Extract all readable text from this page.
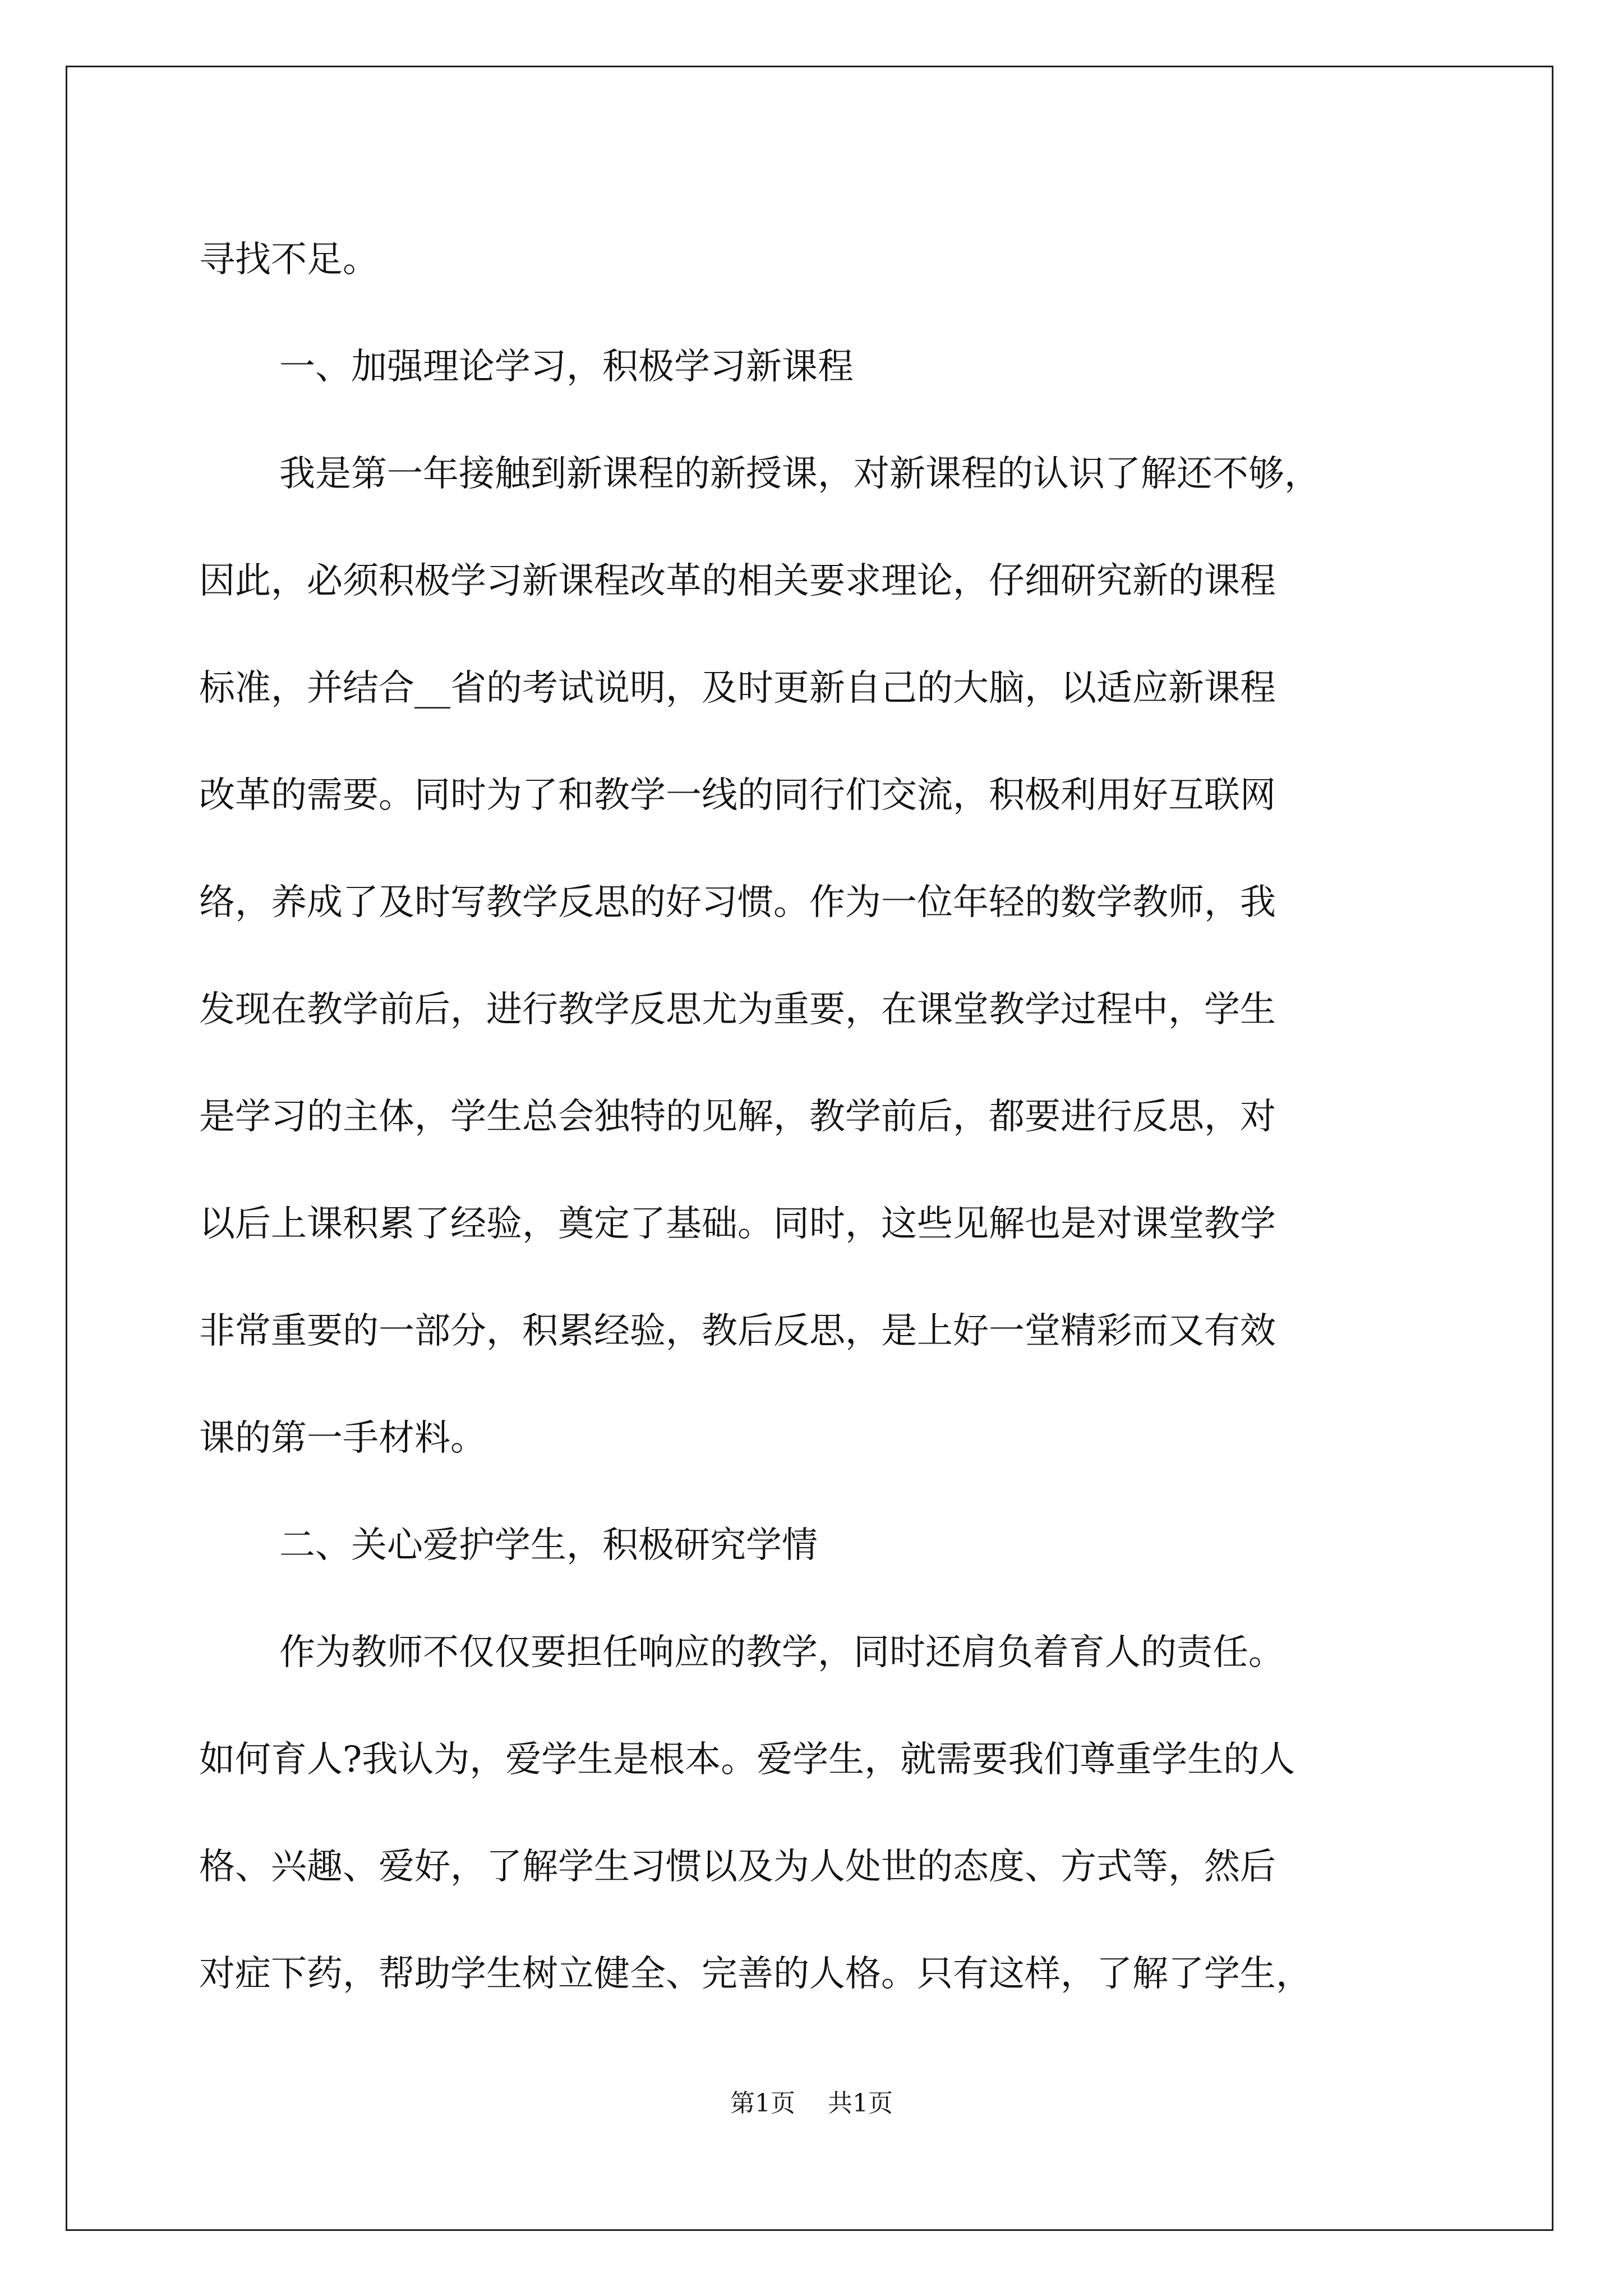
寻找不足。
一、加强理论学习，积极学习新课程
我是第一年接触到新课程的新授课，对新课程的认识了解还不够，
因此，必须积极学习新课程改革的相关要求理论，仔细研究新的课程
标准，并结合__省的考试说明，及时更新自己的大脑，以适应新课程
改革的需要。同时为了和教学一线的同行们交流，积极利用好互联网
络，养成了及时写教学反思的好习惯。作为一位年轻的数学教师，我
发现在教学前后，进行教学反思尤为重要，在课堂教学过程中，学生
是学习的主体，学生总会独特的见解，教学前后，都要进行反思，对
以后上课积累了经验，奠定了基础。同时，这些见解也是对课堂教学
非常重要的一部分，积累经验，教后反思，是上好一堂精彩而又有效
课的第一手材料。
二、关心爱护学生，积极研究学情
作为教师不仅仅要担任响应的教学，同时还肩负着育人的责任。
如何育人?我认为，爱学生是根本。爱学生，就需要我们尊重学生的人
格、兴趣、爱好，了解学生习惯以及为人处世的态度、方式等，然后
对症下药，帮助学生树立健全、完善的人格。只有这样，了解了学生，
第1页 共1页
